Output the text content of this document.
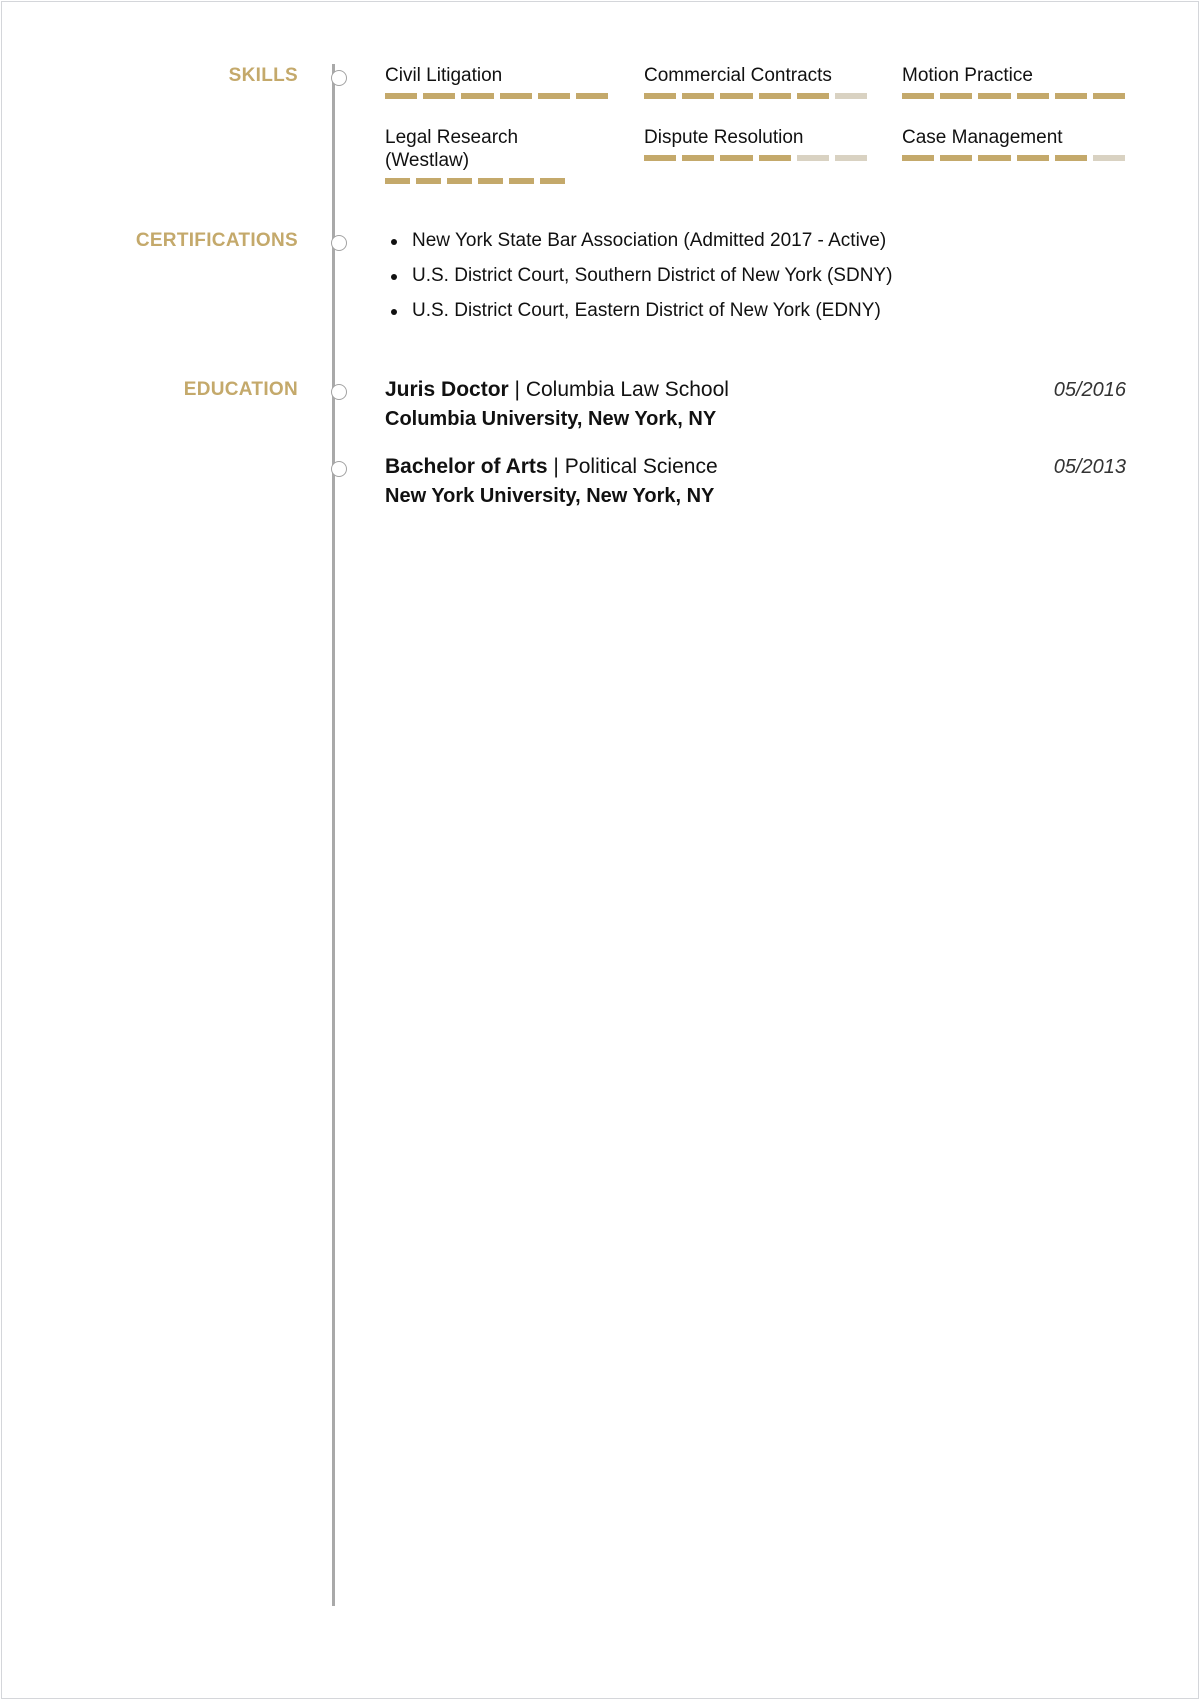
SKILLS	Civil Litigation	Commercial Contracts	Motion Practice
Legal Research (Westlaw)
Dispute Resolution	Case Management
CERTIFICATIONS	New York State Bar Association (Admitted 2017 - Active)
U.S. District Court, Southern District of New York (SDNY)
U.S. District Court, Eastern District of New York (EDNY)
EDUCATION	Juris Doctor | Columbia Law School	05/2016
Columbia University, New York, NY
Bachelor of Arts | Political Science	05/2013
New York University, New York, NY
